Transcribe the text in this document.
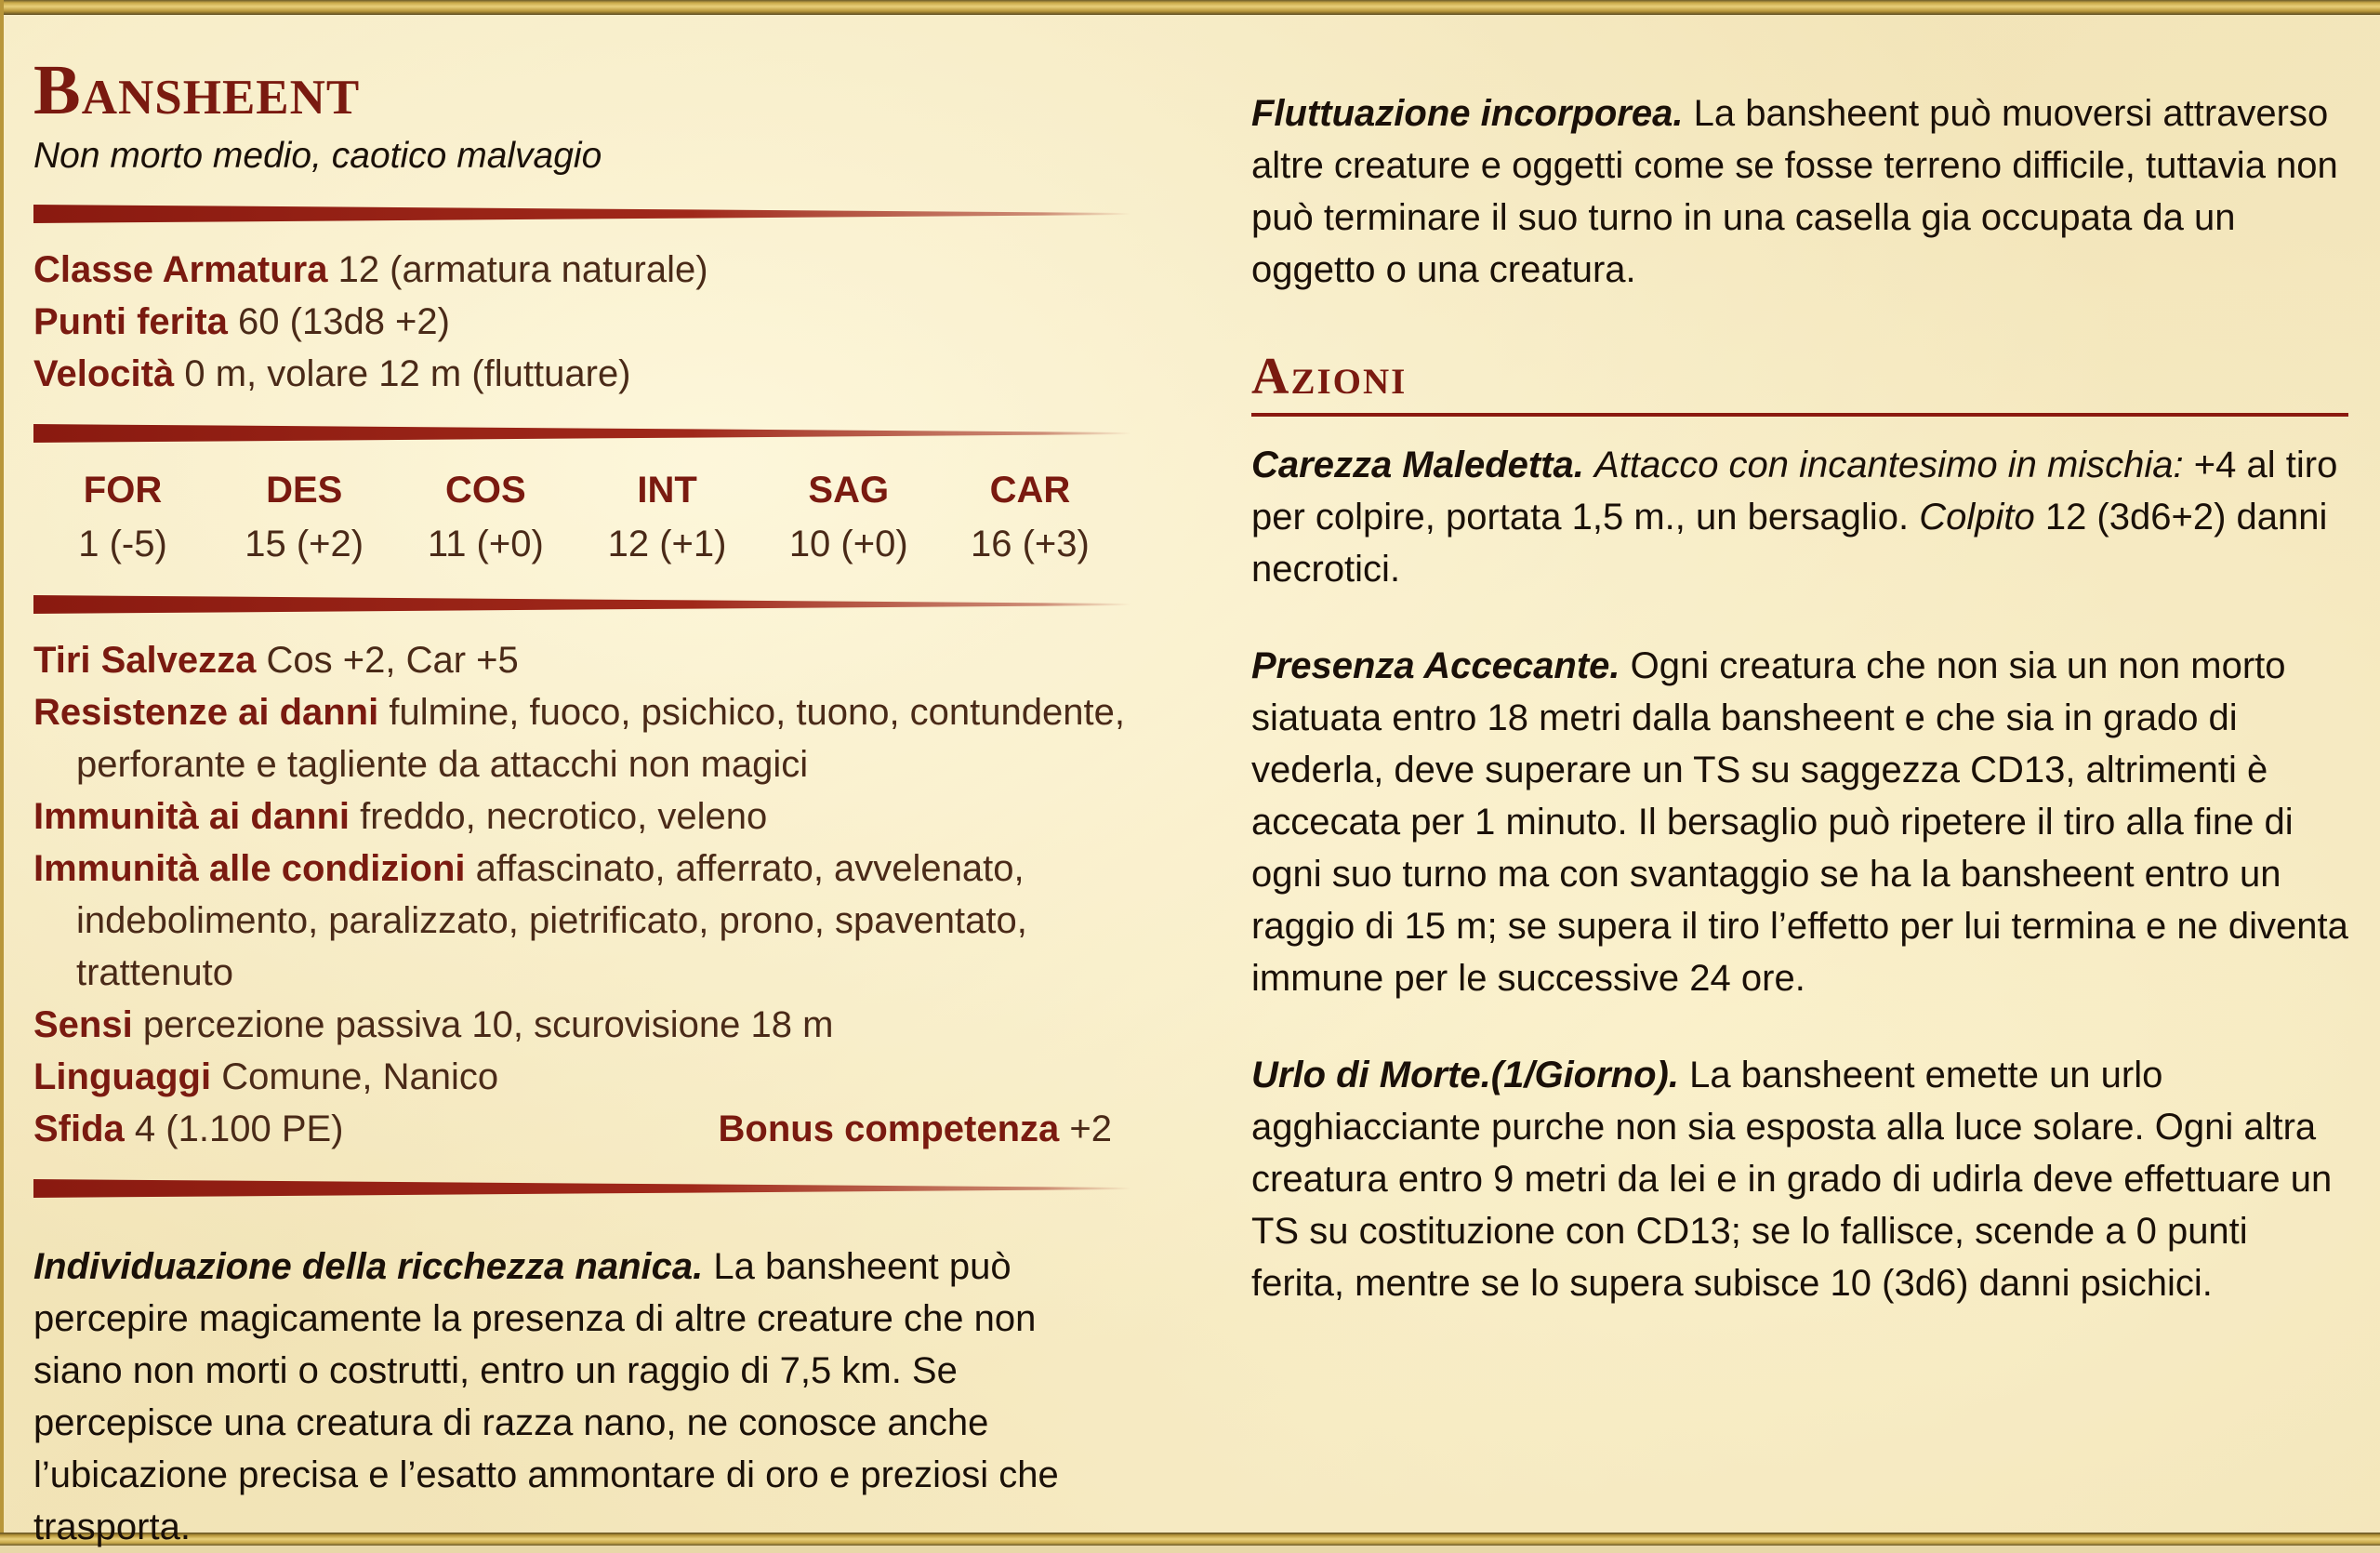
Bansheent

Non morto medio, caotico malvagio

Classe Armatura 12 (armatura naturale)
Punti ferita 60 (13d8 +2)
Velocità 0 m, volare 12 m (fluttuare)
FOR
1 (-5)
DES
15 (+2)
COS
11 (+0)
INT
12 (+1)
SAG
10 (+0)
CAR
16 (+3)
Tiri Salvezza Cos +2, Car +5
Resistenze ai danni fulmine, fuoco, psichico, tuono, contundente, perforante e tagliente da attacchi non magici
Immunità ai danni freddo, necrotico, veleno
Immunità alle condizioni affascinato, afferrato, avvelenato, indebolimento, paralizzato, pietrificato, prono, spaventato, trattenuto
Sensi percezione passiva 10, scurovisione 18 m
Linguaggi Comune, Nanico
Sfida 4 (1.100 PE)	Bonus competenza +2

Individuazione della ricchezza nanica. La bansheent può percepire magicamente la presenza di altre creature che non siano non morti o costrutti, entro un raggio di 7,5 km. Se percepisce una creatura di razza nano, ne conosce anche l’ubicazione precisa e l’esatto ammontare di oro e preziosi che trasporta.

Fluttuazione incorporea. La bansheent può muoversi attraverso altre creature e oggetti come se fosse terreno difficile, tuttavia non può terminare il suo turno in una casella gia occupata da un oggetto o una creatura.

Azioni

Carezza Maledetta. Attacco con incantesimo in mischia: +4 al tiro per colpire, portata 1,5 m., un bersaglio. Colpito 12 (3d6+2) danni necrotici.

Presenza Accecante. Ogni creatura che non sia un non morto siatuata entro 18 metri dalla bansheent e che sia in grado di vederla, deve superare un TS su saggezza CD13, altrimenti è accecata per 1 minuto. Il bersaglio può ripetere il tiro alla fine di ogni suo turno ma con svantaggio se ha la bansheent entro un raggio di 15 m; se supera il tiro l’effetto per lui termina e ne diventa immune per le successive 24 ore.

Urlo di Morte.(1/Giorno). La bansheent emette un urlo agghiacciante purche non sia esposta alla luce solare. Ogni altra creatura entro 9 metri da lei e in grado di udirla deve effettuare un TS su costituzione con CD13; se lo fallisce, scende a 0 punti ferita, mentre se lo supera subisce 10 (3d6) danni psichici.
